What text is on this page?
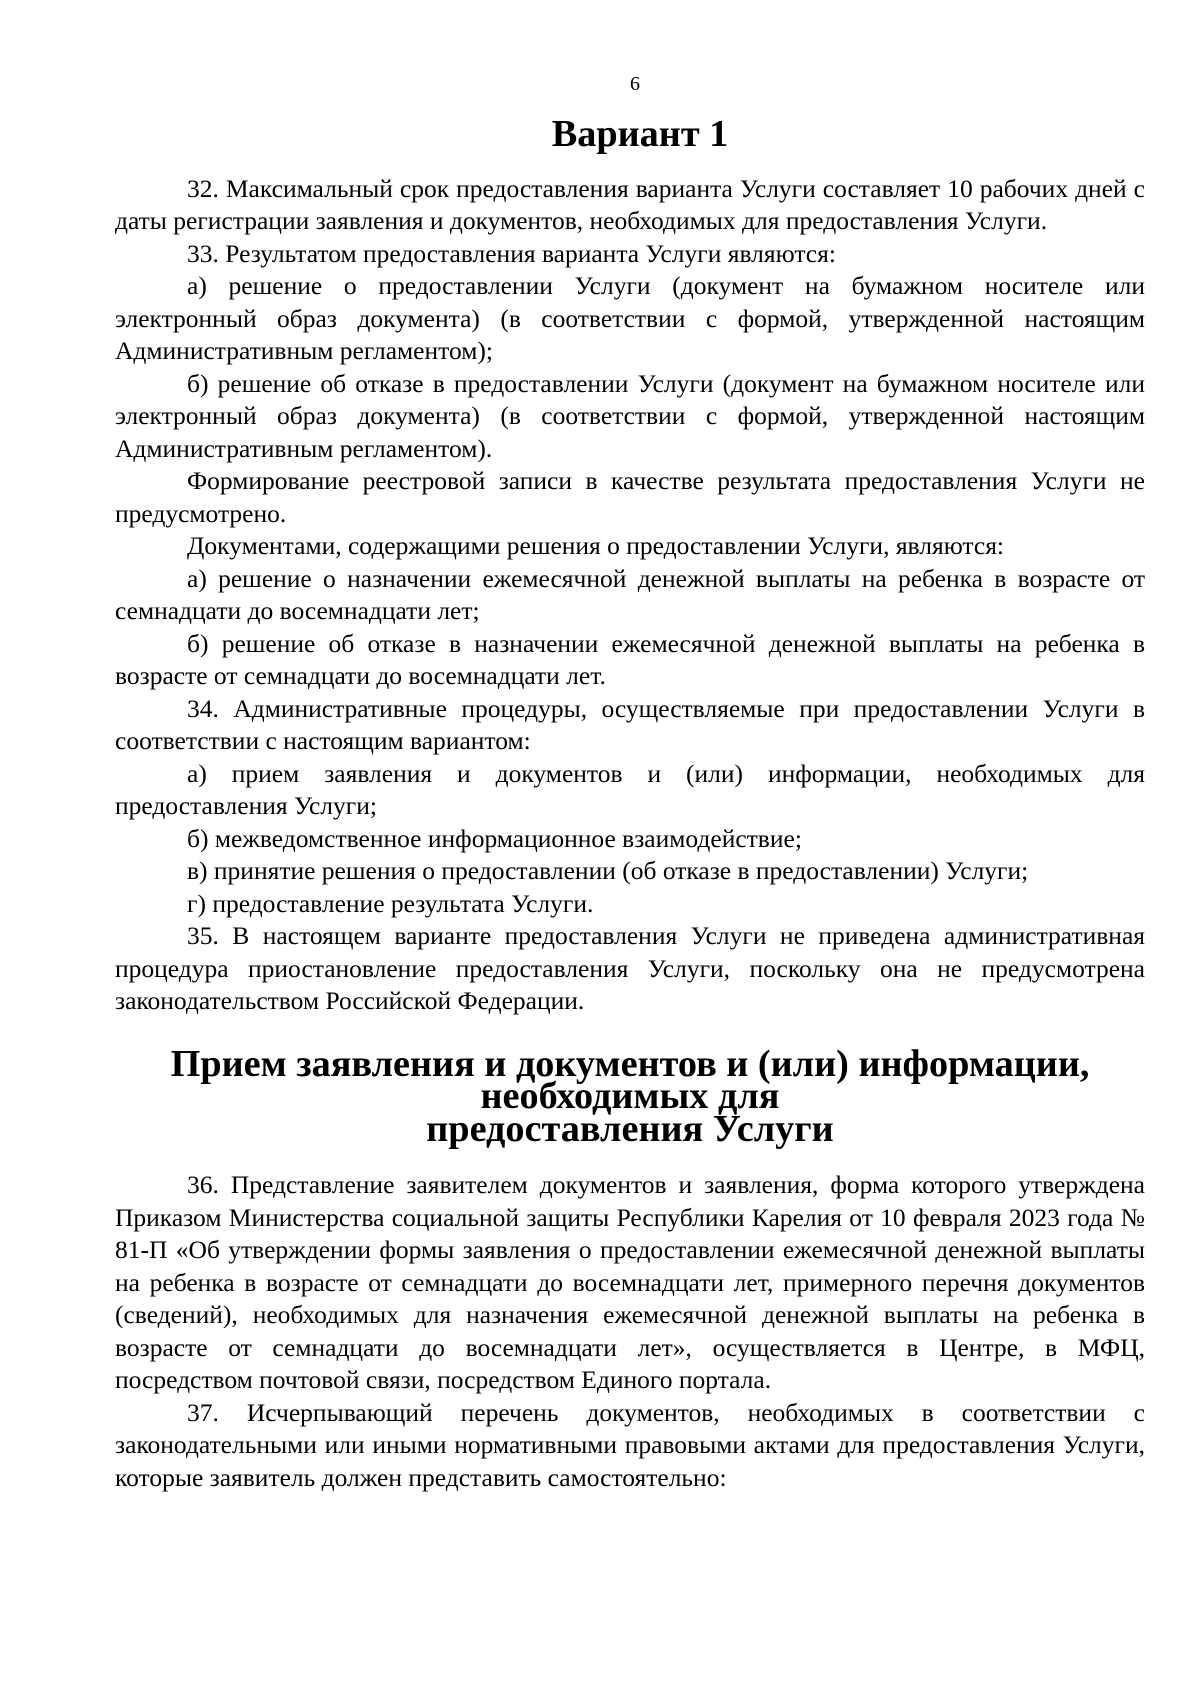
6
Вариант 1

32. Максимальный срок предоставления варианта Услуги составляет 10 рабочих дней с даты регистрации заявления и документов, необходимых для предоставления Услуги.

33. Результатом предоставления варианта Услуги являются:

а) решение о предоставлении Услуги (документ на бумажном носителе или электронный образ документа) (в соответствии с формой, утвержденной настоящим Административным регламентом);

б) решение об отказе в предоставлении Услуги (документ на бумажном носителе или электронный образ документа) (в соответствии с формой, утвержденной настоящим Административным регламентом).

Формирование реестровой записи в качестве результата предоставления Услуги не предусмотрено.

Документами, содержащими решения о предоставлении Услуги, являются:

а) решение о назначении ежемесячной денежной выплаты на ребенка в возрасте от семнадцати до восемнадцати лет;

б) решение об отказе в назначении ежемесячной денежной выплаты на ребенка в возрасте от семнадцати до восемнадцати лет.

34. Административные процедуры, осуществляемые при предоставлении Услуги в соответствии с настоящим вариантом:

а) прием заявления и документов и (или) информации, необходимых для предоставления Услуги;

б) межведомственное информационное взаимодействие;

в) принятие решения о предоставлении (об отказе в предоставлении) Услуги;

г) предоставление результата Услуги.

35. В настоящем варианте предоставления Услуги не приведена административная процедура приостановление предоставления Услуги, поскольку она не предусмотрена законодательством Российской Федерации.

Прием заявления и документов и (или) информации, необходимых для
предоставления Услуги

36. Представление заявителем документов и заявления, форма которого утверждена Приказом Министерства социальной защиты Республики Карелия от 10 февраля 2023 года № 81-П «Об утверждении формы заявления о предоставлении ежемесячной денежной выплаты на ребенка в возрасте от семнадцати до восемнадцати лет, примерного перечня документов (сведений), необходимых для назначения ежемесячной денежной выплаты на ребенка в возрасте от семнадцати до восемнадцати лет», осуществляется в Центре, в МФЦ, посредством почтовой связи, посредством Единого портала.

37. Исчерпывающий перечень документов, необходимых в соответствии с законодательными или иными нормативными правовыми актами для предоставления Услуги, которые заявитель должен представить самостоятельно:
